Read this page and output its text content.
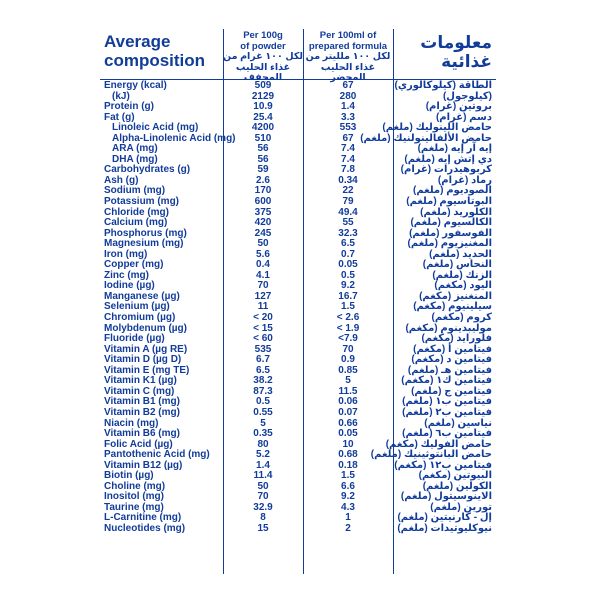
Average
composition
Per 100g
of powder
لكل ١٠٠ غرام من
غذاء الحليب المجفف
Per 100ml of
prepared formula
لكل ١٠٠ ملليتر من
غذاء الحليب المحضر
معلومات
غذائية
Energy (kcal)	509	67	الطاقة (كيلوكالوري)
(kJ)	2129	280	(كيلوجول)
Protein (g)	10.9	1.4	بروتين (غرام)
Fat (g)	25.4	3.3	دسم (غرام)
Linoleic Acid (mg)	4200	553	حامض اللينوليك (ملغم)
Alpha-Linolenic Acid (mg)	510	67 حامض الألفالينولنيك (ملغم)
ARA (mg)	56	7.4	إيه آر إيه (ملغم)
DHA (mg)	56	7.4	دي إتش إيه (ملغم)
Carbohydrates (g)	59	7.8	كربوهيدرات (غرام)
Ash (g)	2.6	0.34	رماد (غرام)
Sodium (mg)	170	22	الصوديوم (ملغم)
Potassium (mg)	600	79	البوتاسيوم (ملغم)
Chloride (mg)	375	49.4	الكلوريد (ملغم)
Calcium (mg)	420	55	الكالسيوم (ملغم)
Phosphorus (mg)	245	32.3	الفوسفور (ملغم)
Magnesium (mg)	50	6.5	المغنيزيوم (ملغم)
Iron (mg)	5.6	0.7	الحديد (ملغم)
Copper (mg)	0.4	0.05	النحاس (ملغم)
Zinc (mg)	4.1	0.5	الزنك (ملغم)
Iodine (µg)	70	9.2	اليود (مكغم)
Manganese (µg)	127	16.7	المنغنيز (مكغم)
Selenium (µg)	11	1.5	سيلينيوم (مكغم)
Chromium (µg)	< 20	< 2.6	كروم (مكغم)
Molybdenum (µg)	< 15	< 1.9	موليبدينوم (مكغم)
Fluoride (µg)	< 60	<7.9	فلورايد (مكغم)
Vitamin A (µg RE)	535	70	فيتامين أ (مكغم)
Vitamin D (µg D)	6.7	0.9	فيتامين د (مكغم)
Vitamin E (mg TE)	6.5	0.85	فيتامين هـ (ملغم)
Vitamin K1 (µg)	38.2	5	فيتامين ك١ (مكغم)
Vitamin C (mg)	87.3	11.5	فيتامين ج (ملغم)
Vitamin B1 (mg)	0.5	0.06	فيتامين ب١ (ملغم)
Vitamin B2 (mg)	0.55	0.07	فيتامين ب٢ (ملغم)
Niacin (mg)	5	0.66	نياسين (ملغم)
Vitamin B6 (mg)	0.35	0.05	فيتامين ب٦ (ملغم)
Folic Acid (µg)	80	10	حامض الفوليك (مكغم)
Pantothenic Acid (mg)	5.2	0.68	حامض البانتوثينيك (ملغم)
Vitamin B12 (µg)	1.4	0.18	فيتامين ب١٢ (مكغم)
Biotin (µg)	11.4	1.5	البيوتين (مكغم)
Choline (mg)	50	6.6	الكولين (ملغم)
Inositol (mg)	70	9.2	الاينوسيتول (ملغم)
Taurine (mg)	32.9	4.3	تورين (ملغم)
L-Carnitine (mg)	8	1	إل - كارنيتين (ملغم)
Nucleotides (mg)	15	2	نيوكليوتيدات (ملغم)
